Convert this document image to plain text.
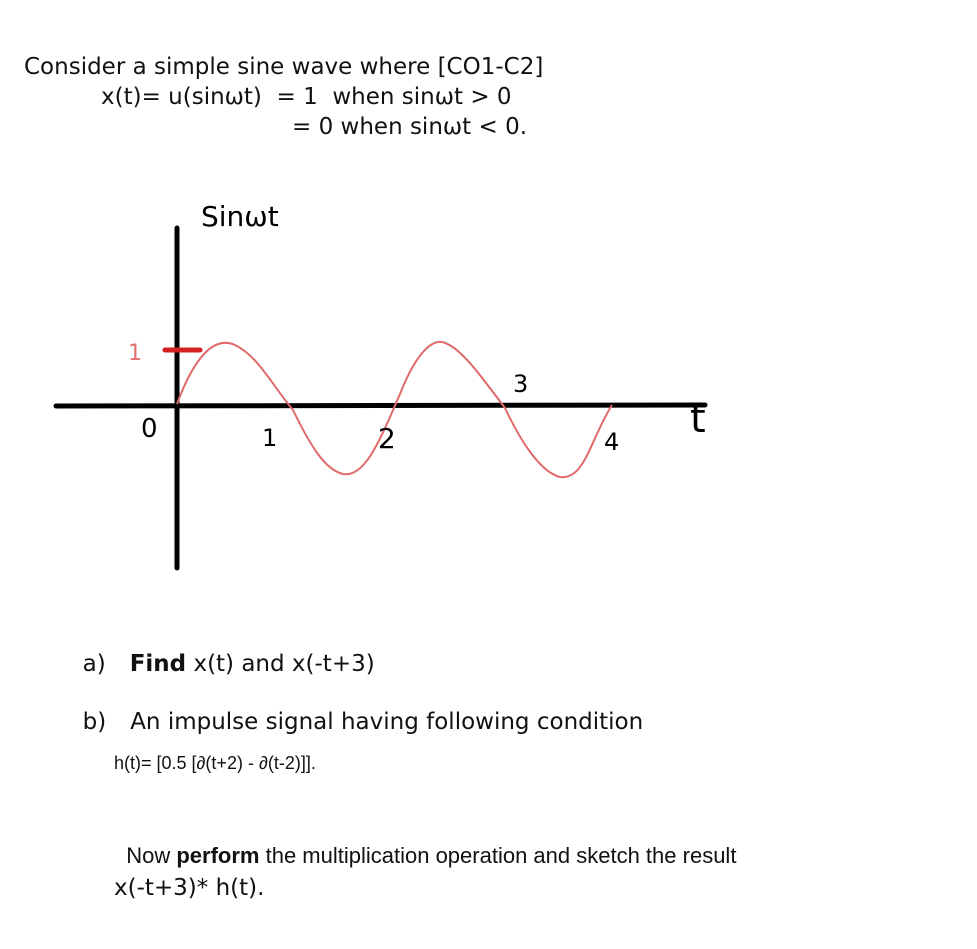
Consider a simple sine wave where [CO1-C2]
x(t)= u(sinωt)  = 1  when sinωt > 0
= 0 when sinωt < 0.
Sinωt
1
0	t
1	2
3
4

a) Find x(t) and x(-t+3)

b) An impulse signal having following condition

h(t)= [0.5 [∂(t+2) - ∂(t-2)]].

Now perform the multiplication operation and sketch the result

x(-t+3)* h(t).
